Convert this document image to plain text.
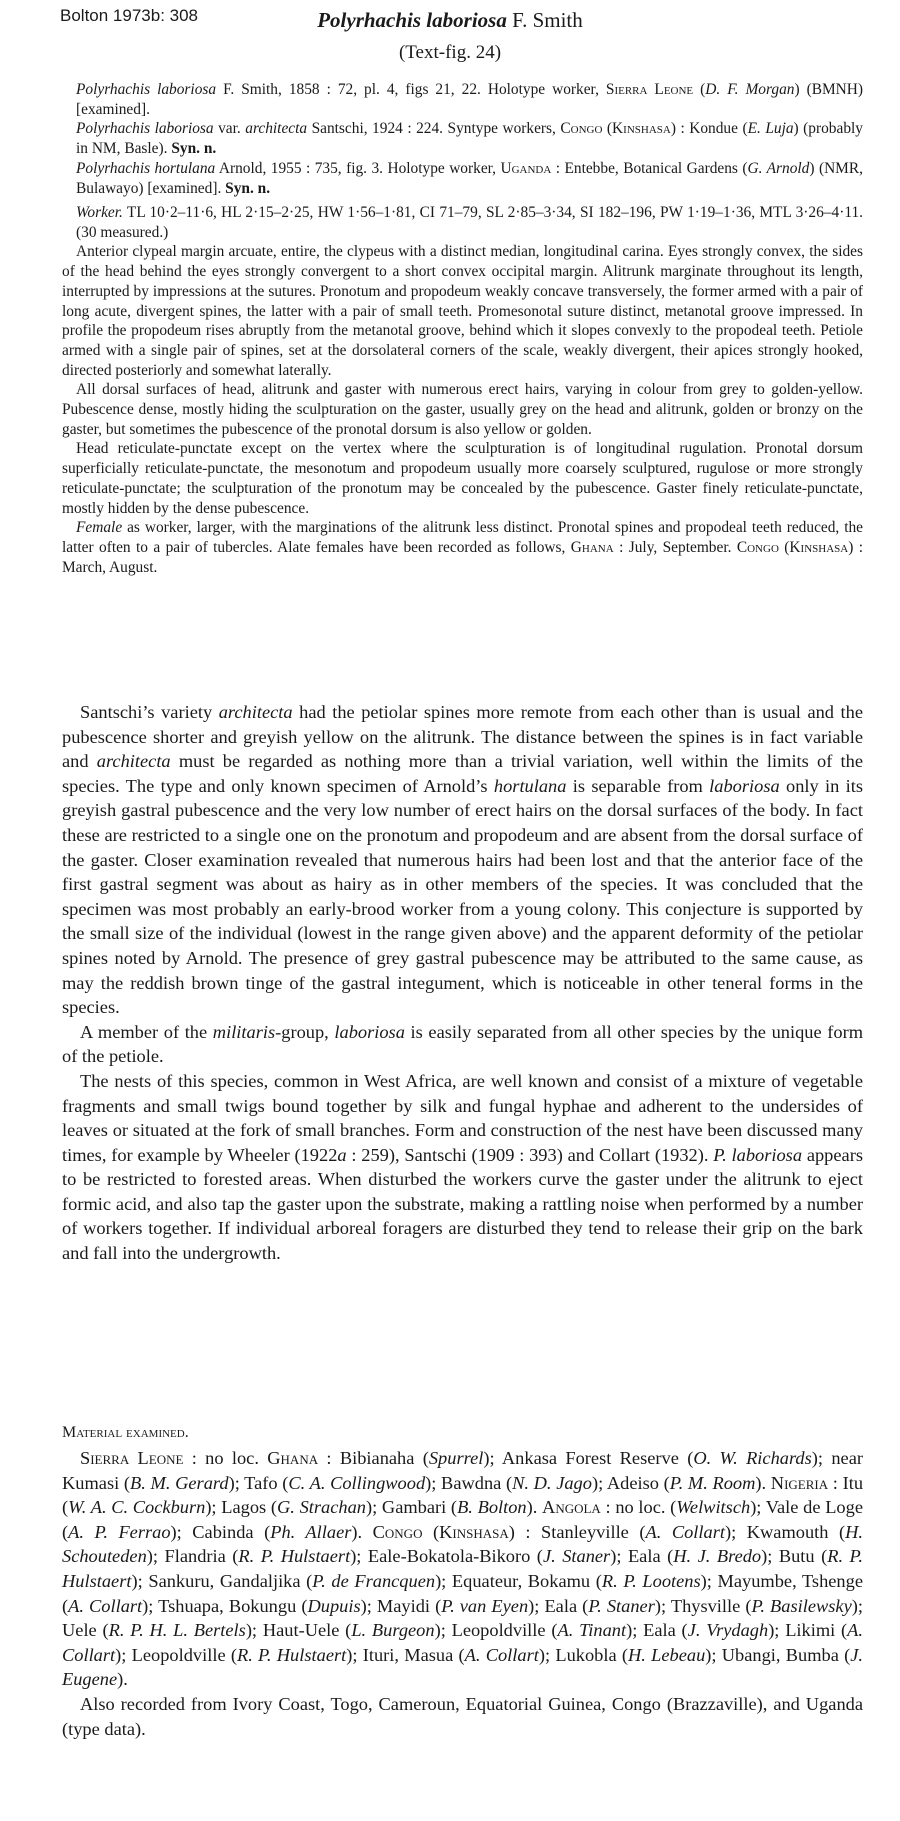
Bolton 1973b: 308	Polyrhachis laboriosa F. Smith
(Text-fig. 24)

Polyrhachis laboriosa F. Smith, 1858 : 72, pl. 4, figs 21, 22. Holotype worker, Sierra Leone (D. F. Morgan) (BMNH) [examined].

Polyrhachis laboriosa var. architecta Santschi, 1924 : 224. Syntype workers, Congo (Kinshasa) : Kondue (E. Luja) (probably in NM, Basle). Syn. n.

Polyrhachis hortulana Arnold, 1955 : 735, fig. 3. Holotype worker, Uganda : Entebbe, Botanical Gardens (G. Arnold) (NMR, Bulawayo) [examined]. Syn. n.

Worker. TL 10·2–11·6, HL 2·15–2·25, HW 1·56–1·81, CI 71–79, SL 2·85–3·34, SI 182–196, PW 1·19–1·36, MTL 3·26–4·11. (30 measured.)

Anterior clypeal margin arcuate, entire, the clypeus with a distinct median, longitudinal carina. Eyes strongly convex, the sides of the head behind the eyes strongly convergent to a short convex occipital margin. Alitrunk marginate throughout its length, interrupted by impressions at the sutures. Pronotum and propodeum weakly concave transversely, the former armed with a pair of long acute, divergent spines, the latter with a pair of small teeth. Promesonotal suture distinct, metanotal groove impressed. In profile the propodeum rises abruptly from the metanotal groove, behind which it slopes convexly to the propodeal teeth. Petiole armed with a single pair of spines, set at the dorsolateral corners of the scale, weakly divergent, their apices strongly hooked, directed posteriorly and somewhat laterally.

All dorsal surfaces of head, alitrunk and gaster with numerous erect hairs, varying in colour from grey to golden-yellow. Pubescence dense, mostly hiding the sculpturation on the gaster, usually grey on the head and alitrunk, golden or bronzy on the gaster, but sometimes the pubescence of the pronotal dorsum is also yellow or golden.

Head reticulate-punctate except on the vertex where the sculpturation is of longitudinal rugulation. Pronotal dorsum superficially reticulate-punctate, the mesonotum and propodeum usually more coarsely sculptured, rugulose or more strongly reticulate-punctate; the sculpturation of the pronotum may be concealed by the pubescence. Gaster finely reticulate-punctate, mostly hidden by the dense pubescence.

Female as worker, larger, with the marginations of the alitrunk less distinct. Pronotal spines and propodeal teeth reduced, the latter often to a pair of tubercles. Alate females have been recorded as follows, Ghana : July, September. Congo (Kinshasa) : March, August.

Santschi’s variety architecta had the petiolar spines more remote from each other than is usual and the pubescence shorter and greyish yellow on the alitrunk. The distance between the spines is in fact variable and architecta must be regarded as nothing more than a trivial variation, well within the limits of the species. The type and only known specimen of Arnold’s hortulana is separable from laboriosa only in its greyish gastral pubescence and the very low number of erect hairs on the dorsal surfaces of the body. In fact these are restricted to a single one on the pronotum and propodeum and are absent from the dorsal surface of the gaster. Closer examination revealed that numerous hairs had been lost and that the anterior face of the first gastral segment was about as hairy as in other members of the species. It was concluded that the specimen was most probably an early-brood worker from a young colony. This conjecture is supported by the small size of the individual (lowest in the range given above) and the apparent deformity of the petiolar spines noted by Arnold. The presence of grey gastral pubescence may be attributed to the same cause, as may the reddish brown tinge of the gastral integument, which is noticeable in other teneral forms in the species.

A member of the militaris-group, laboriosa is easily separated from all other species by the unique form of the petiole.

The nests of this species, common in West Africa, are well known and consist of a mixture of vegetable fragments and small twigs bound together by silk and fungal hyphae and adherent to the undersides of leaves or situated at the fork of small branches. Form and construction of the nest have been discussed many times, for example by Wheeler (1922a : 259), Santschi (1909 : 393) and Collart (1932). P. laboriosa appears to be restricted to forested areas. When disturbed the workers curve the gaster under the alitrunk to eject formic acid, and also tap the gaster upon the substrate, making a rattling noise when performed by a number of workers together. If individual arboreal foragers are disturbed they tend to release their grip on the bark and fall into the undergrowth.

Material examined.

Sierra Leone : no loc. Ghana : Bibianaha (Spurrel); Ankasa Forest Reserve (O. W. Richards); near Kumasi (B. M. Gerard); Tafo (C. A. Collingwood); Bawdna (N. D. Jago); Adeiso (P. M. Room). Nigeria : Itu (W. A. C. Cockburn); Lagos (G. Strachan); Gambari (B. Bolton). Angola : no loc. (Welwitsch); Vale de Loge (A. P. Ferrao); Cabinda (Ph. Allaer). Congo (Kinshasa) : Stanleyville (A. Collart); Kwamouth (H. Schouteden); Flandria (R. P. Hulstaert); Eale-Bokatola-Bikoro (J. Staner); Eala (H. J. Bredo); Butu (R. P. Hulstaert); Sankuru, Gandaljika (P. de Francquen); Equateur, Bokamu (R. P. Lootens); Mayumbe, Tshenge (A. Collart); Tshuapa, Bokungu (Dupuis); Mayidi (P. van Eyen); Eala (P. Staner); Thysville (P. Basilewsky); Uele (R. P. H. L. Bertels); Haut-Uele (L. Burgeon); Leopoldville (A. Tinant); Eala (J. Vrydagh); Likimi (A. Collart); Leopoldville (R. P. Hulstaert); Ituri, Masua (A. Collart); Lukobla (H. Lebeau); Ubangi, Bumba (J. Eugene).

Also recorded from Ivory Coast, Togo, Cameroun, Equatorial Guinea, Congo (Brazzaville), and Uganda (type data).
